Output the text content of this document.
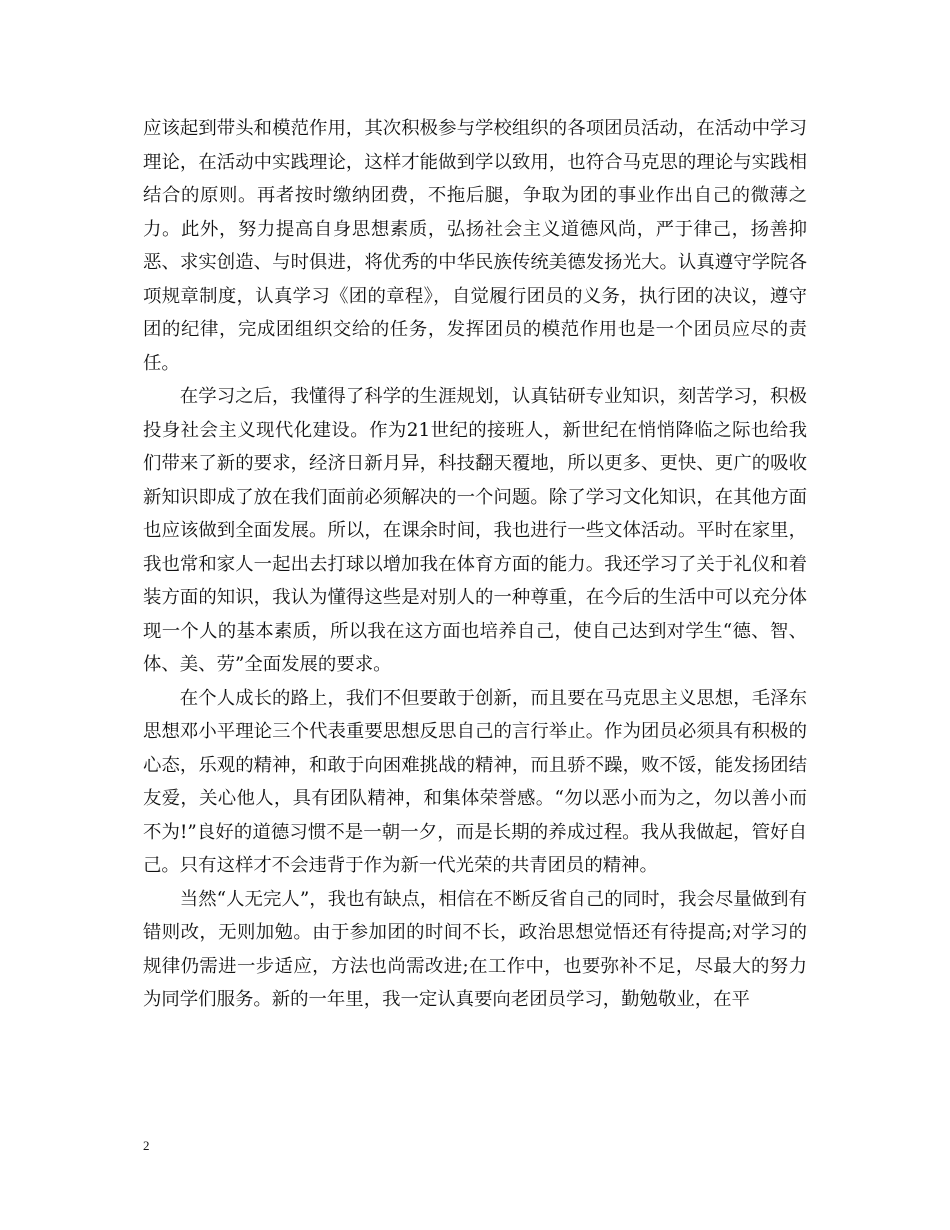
应该起到带头和模范作用，其次积极参与学校组织的各项团员活动，在活动中学习理论，在活动中实践理论，这样才能做到学以致用，也符合马克思的理论与实践相结合的原则。再者按时缴纳团费，不拖后腿，争取为团的事业作出自己的微薄之力。此外，努力提高自身思想素质，弘扬社会主义道德风尚，严于律己，扬善抑恶、求实创造、与时俱进，将优秀的中华民族传统美德发扬光大。认真遵守学院各项规章制度，认真学习《团的章程》，自觉履行团员的义务，执行团的决议，遵守团的纪律，完成团组织交给的任务，发挥团员的模范作用也是一个团员应尽的责任。

在学习之后，我懂得了科学的生涯规划，认真钻研专业知识，刻苦学习，积极投身社会主义现代化建设。作为21世纪的接班人，新世纪在悄悄降临之际也给我们带来了新的要求，经济日新月异，科技翻天覆地，所以更多、更快、更广的吸收新知识即成了放在我们面前必须解决的一个问题。除了学习文化知识，在其他方面也应该做到全面发展。所以，在课余时间，我也进行一些文体活动。平时在家里，我也常和家人一起出去打球以增加我在体育方面的能力。我还学习了关于礼仪和着装方面的知识，我认为懂得这些是对别人的一种尊重，在今后的生活中可以充分体现一个人的基本素质，所以我在这方面也培养自己，使自己达到对学生“德、智、体、美、劳”全面发展的要求。

在个人成长的路上，我们不但要敢于创新，而且要在马克思主义思想，毛泽东思想邓小平理论三个代表重要思想反思自己的言行举止。作为团员必须具有积极的心态，乐观的精神，和敢于向困难挑战的精神，而且骄不躁，败不馁，能发扬团结友爱，关心他人，具有团队精神，和集体荣誉感。“勿以恶小而为之，勿以善小而不为!”良好的道德习惯不是一朝一夕，而是长期的养成过程。我从我做起，管好自己。只有这样才不会违背于作为新一代光荣的共青团员的精神。

当然“人无完人”，我也有缺点，相信在不断反省自己的同时，我会尽量做到有错则改，无则加勉。由于参加团的时间不长，政治思想觉悟还有待提高;对学习的规律仍需进一步适应，方法也尚需改进;在工作中，也要弥补不足，尽最大的努力为同学们服务。新的一年里，我一定认真要向老团员学习，勤勉敬业，在平

2
